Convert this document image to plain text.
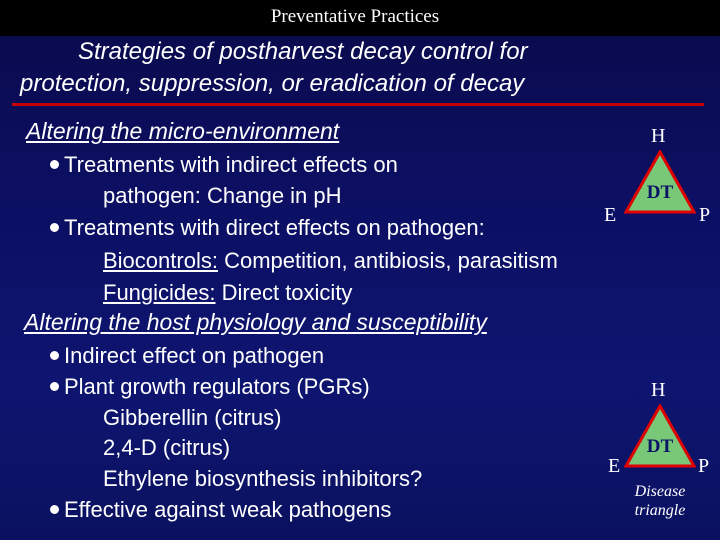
Preventative Practices
Strategies of postharvest decay control for
protection, suppression, or eradication of decay
Altering the micro-environment
Treatments with indirect effects on
pathogen: Change in pH
Treatments with direct effects on pathogen:
Biocontrols: Competition, antibiosis, parasitism
Fungicides: Direct toxicity
Altering the host physiology and susceptibility
Indirect effect on pathogen
Plant growth regulators (PGRs)
Gibberellin (citrus)
2,4-D (citrus)
Ethylene biosynthesis inhibitors?
Effective against weak pathogens
H
DT
E	P
H
DT
E	P
Disease
triangle
